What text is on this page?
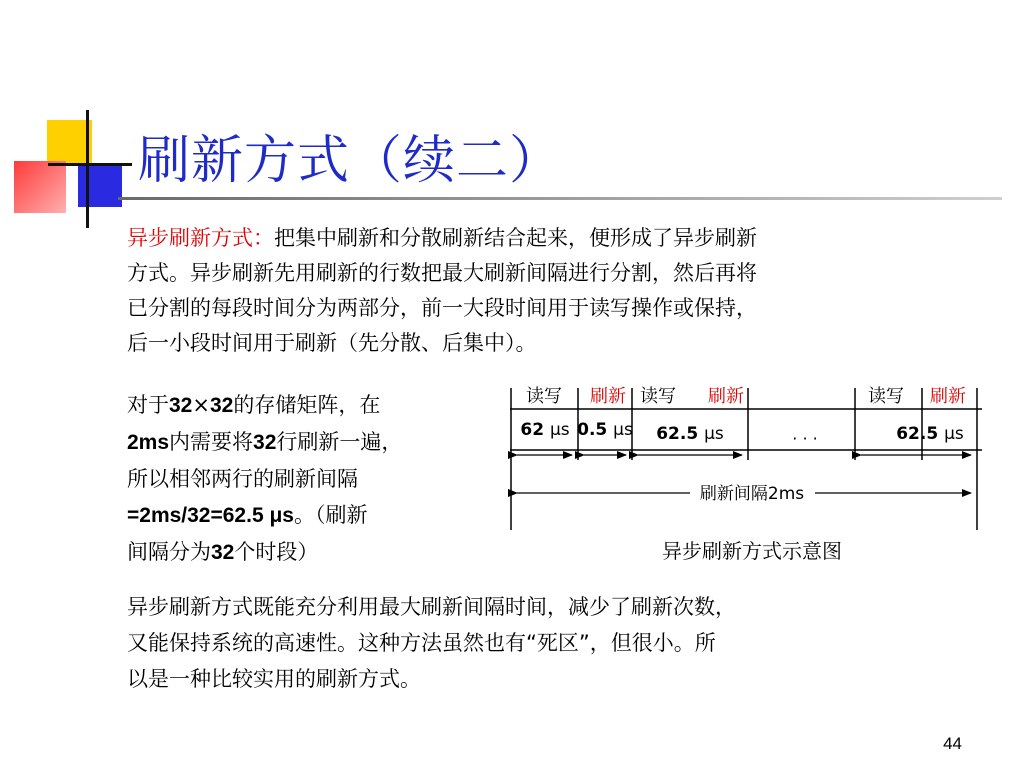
刷新方式（续二）
异步刷新方式：把集中刷新和分散刷新结合起来，便形成了异步刷新
方式。异步刷新先用刷新的行数把最大刷新间隔进行分割，然后再将
已分割的每段时间分为两部分，前一大段时间用于读写操作或保持，
后一小段时间用于刷新（先分散、后集中）。
对于32×32的存储矩阵，在
2ms内需要将32行刷新一遍，
所以相邻两行的刷新间隔
=2ms/32=62.5 μs。（刷新
间隔分为32个时段）
读写 刷新 读写 刷新	读写 刷新
62 μs 0.5 μs 62.5 μs	62.5 μs
· · ·
刷新间隔2ms
异步刷新方式示意图
异步刷新方式既能充分利用最大刷新间隔时间，减少了刷新次数，
又能保持系统的高速性。这种方法虽然也有“死区”，但很小。所
以是一种比较实用的刷新方式。
44
